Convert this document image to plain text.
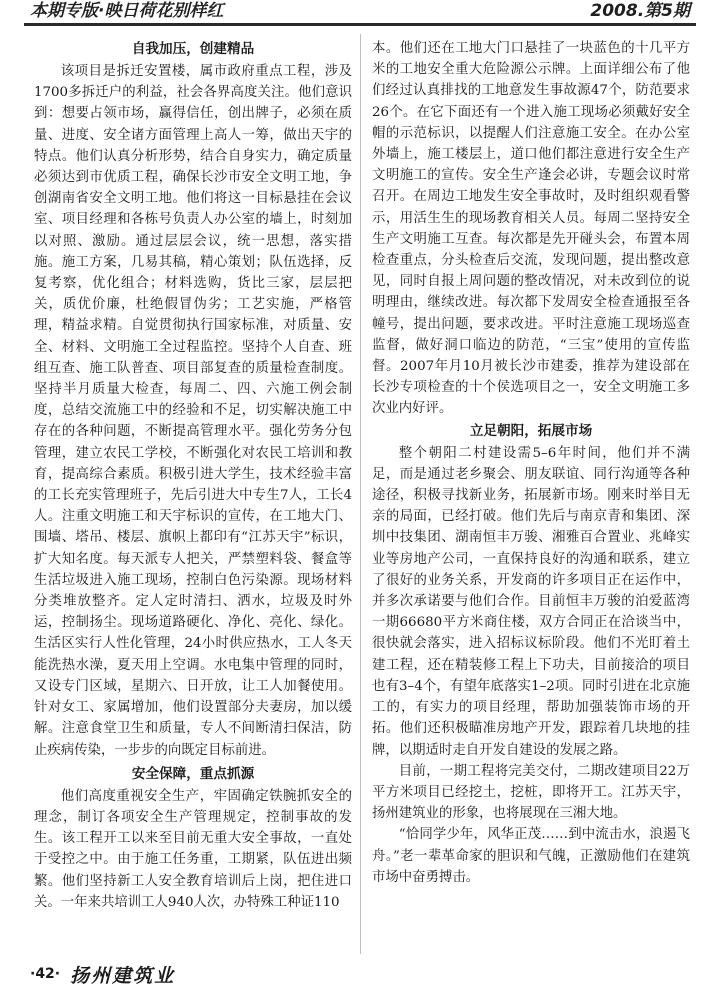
本期专版·映日荷花别样红	2008.第5期
自我加压，创建精品

该项目是拆迁安置楼，属市政府重点工程，涉及1700多拆迁户的利益，社会各界高度关注。他们意识到：想要占领市场，赢得信任，创出牌子，必须在质量、进度、安全诸方面管理上高人一筹，做出天宇的特点。他们认真分析形势，结合自身实力，确定质量必须达到市优质工程，确保长沙市安全文明工地，争创湖南省安全文明工地。他们将这一目标悬挂在会议室、项目经理和各栋号负责人办公室的墙上，时刻加以对照、激励。通过层层会议，统一思想，落实措施。施工方案，几易其稿，精心策划；队伍选择，反复考察，优化组合；材料选购，货比三家，层层把关，质优价廉，杜绝假冒伪劣；工艺实施，严格管理，精益求精。自觉贯彻执行国家标准，对质量、安全、材料、文明施工全过程监控。坚持个人自查、班组互查、施工队普查、项目部复查的质量检查制度。坚持半月质量大检查，每周二、四、六施工例会制度，总结交流施工中的经验和不足，切实解决施工中存在的各种问题，不断提高管理水平。强化劳务分包管理，建立农民工学校，不断强化对农民工培训和教育，提高综合素质。积极引进大学生，技术经验丰富的工长充实管理班子，先后引进大中专生7人，工长4人。注重文明施工和天宇标识的宣传，在工地大门、围墙、塔吊、楼层、旗帜上都印有“江苏天宇”标识，扩大知名度。每天派专人把关，严禁塑料袋、餐盒等生活垃圾进入施工现场，控制白色污染源。现场材料分类堆放整齐。定人定时清扫、洒水，垃圾及时外运，控制扬尘。现场道路硬化、净化、亮化、绿化。生活区实行人性化管理，24小时供应热水，工人冬天能洗热水澡，夏天用上空调。水电集中管理的同时，又设专门区域，星期六、日开放，让工人加餐使用。针对女工、家属增加，他们设置部分夫妻房，加以缓解。注意食堂卫生和质量，专人不间断清扫保洁，防止疾病传染，一步步的向既定目标前进。

安全保障，重点抓源

他们高度重视安全生产，牢固确定铁腕抓安全的理念，制订各项安全生产管理规定，控制事故的发生。该工程开工以来至目前无重大安全事故，一直处于受控之中。由于施工任务重，工期紧，队伍进出频繁。他们坚持新工人安全教育培训后上岗，把住进口关。一年来共培训工人940人次，办特殊工种证110

本。他们还在工地大门口悬挂了一块蓝色的十几平方米的工地安全重大危险源公示牌。上面详细公布了他们经过认真排找的工地意发生事故源47个，防范要求26个。在它下面还有一个进入施工现场必须戴好安全帽的示范标识，以提醒人们注意施工安全。在办公室外墙上，施工楼层上，道口他们都注意进行安全生产文明施工的宣传。安全生产逢会必讲，专题会议时常召开。在周边工地发生安全事故时，及时组织观看警示，用活生生的现场教育相关人员。每周二坚持安全生产文明施工互查。每次都是先开碰头会，布置本周检查重点，分头检查后交流，发现问题，提出整改意见，同时自报上周问题的整改情况，对未改到位的说明理由，继续改进。每次都下发周安全检查通报至各幢号，提出问题，要求改进。平时注意施工现场巡查监督，做好洞口临边的防范，“三宝”使用的宣传监督。2007年月10月被长沙市建委，推荐为建设部在长沙专项检查的十个侯选项目之一，安全文明施工多次业内好评。

立足朝阳，拓展市场

整个朝阳二村建设需5–6年时间，他们并不满足，而是通过老乡聚会、朋友联谊、同行沟通等各种途径，积极寻找新业务，拓展新市场。刚来时举目无亲的局面，已经打破。他们先后与南京青和集团、深圳中技集团、湖南恒丰万骏、湘雅百合置业、兆峰实业等房地产公司，一直保持良好的沟通和联系，建立了很好的业务关系，开发商的许多项目正在运作中，并多次承诺要与他们合作。目前恒丰万骏的泊爱蓝湾一期66680平方米商住楼，双方合同正在洽谈当中，很快就会落实，进入招标议标阶段。他们不光盯着土建工程，还在精装修工程上下功夫，目前接洽的项目也有3–4个，有望年底落实1–2项。同时引进在北京施工的，有实力的项目经理，帮助加强装饰市场的开拓。他们还积极瞄准房地产开发，跟踪着几块地的挂牌，以期适时走自开发自建设的发展之路。

目前，一期工程将完美交付，二期改建项目22万平方米项目已经挖土，挖桩，即将开工。江苏天宇，扬州建筑业的形象，也将展现在三湘大地。

“恰同学少年，风华正茂……到中流击水，浪遏飞舟。”老一辈革命家的胆识和气魄，正激励他们在建筑市场中奋勇搏击。

·42· 扬州建筑业
